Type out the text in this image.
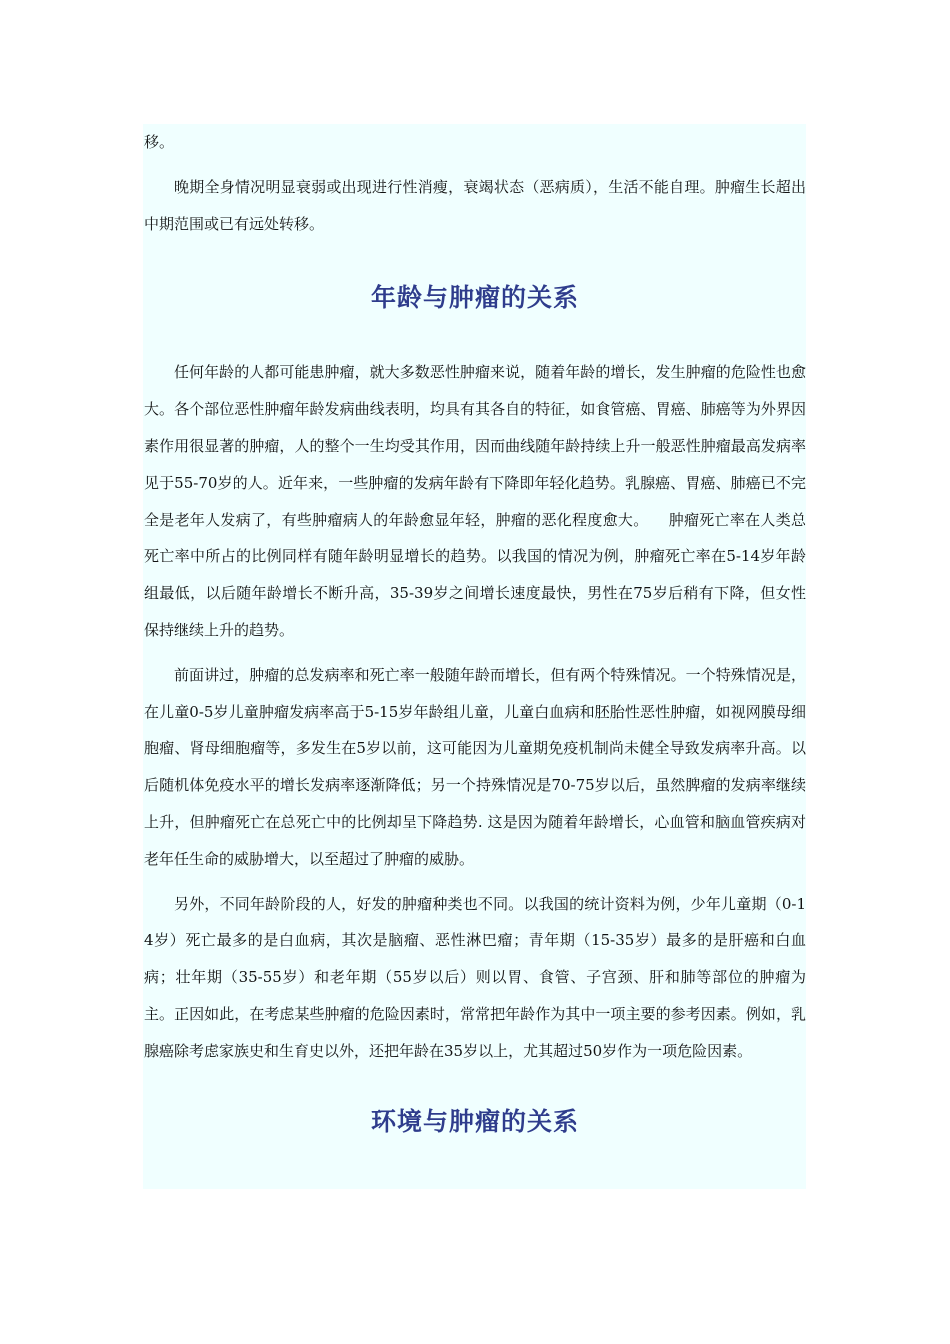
移。

晚期全身情况明显衰弱或出现进行性消瘦，衰竭状态（恶病质），生活不能自理。肿瘤生长超出中期范围或已有远处转移。

年龄与肿瘤的关系

任何年龄的人都可能患肿瘤，就大多数恶性肿瘤来说，随着年龄的增长，发生肿瘤的危险性也愈大。各个部位恶性肿瘤年龄发病曲线表明，均具有其各自的特征，如食管癌、胃癌、肺癌等为外界因素作用很显著的肿瘤，人的整个一生均受其作用，因而曲线随年龄持续上升一般恶性肿瘤最高发病率见于55-70岁的人。近年来，一些肿瘤的发病年龄有下降即年轻化趋势。乳腺癌、胃癌、肺癌已不完全是老年人发病了，有些肿瘤病人的年龄愈显年轻，肿瘤的恶化程度愈大。    肿瘤死亡率在人类总死亡率中所占的比例同样有随年龄明显增长的趋势。以我国的情况为例，肿瘤死亡率在5-14岁年龄组最低，以后随年龄增长不断升高，35-39岁之间增长速度最快，男性在75岁后稍有下降，但女性保持继续上升的趋势。

前面讲过，肿瘤的总发病率和死亡率一般随年龄而增长，但有两个特殊情况。一个特殊情况是，在儿童0-5岁儿童肿瘤发病率高于5-15岁年龄组儿童，儿童白血病和胚胎性恶性肿瘤，如视网膜母细胞瘤、肾母细胞瘤等，多发生在5岁以前，这可能因为儿童期免疫机制尚未健全导致发病率升高。以后随机体免疫水平的增长发病率逐渐降低；另一个持殊情况是70-75岁以后，虽然脾瘤的发病率继续上升，但肿瘤死亡在总死亡中的比例却呈下降趋势. 这是因为随着年龄增长，心血管和脑血管疾病对老年任生命的威胁增大，以至超过了肿瘤的威胁。

另外，不同年龄阶段的人，好发的肿瘤种类也不同。以我国的统计资料为例，少年儿童期（0-14岁）死亡最多的是白血病，其次是脑瘤、恶性淋巴瘤；青年期（15-35岁）最多的是肝癌和白血病；壮年期（35-55岁）和老年期（55岁以后）则以胃、食管、子宫颈、肝和肺等部位的肿瘤为主。正因如此，在考虑某些肿瘤的危险因素时，常常把年龄作为其中一项主要的参考因素。例如，乳腺癌除考虑家族史和生育史以外，还把年龄在35岁以上，尤其超过50岁作为一项危险因素。

环境与肿瘤的关系
